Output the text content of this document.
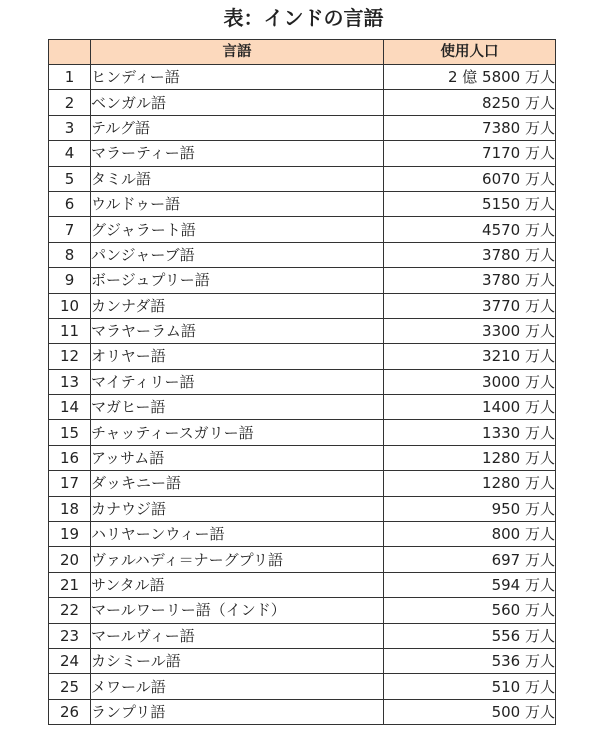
表：インドの言語
	言語	使用人口
1	ヒンディー語	2 億 5800 万人
2	ベンガル語	8250 万人
3	テルグ語	7380 万人
4	マラーティー語	7170 万人
5	タミル語	6070 万人
6	ウルドゥー語	5150 万人
7	グジャラート語	4570 万人
8	パンジャーブ語	3780 万人
9	ボージュプリー語	3780 万人
10	カンナダ語	3770 万人
11	マラヤーラム語	3300 万人
12	オリヤー語	3210 万人
13	マイティリー語	3000 万人
14	マガヒー語	1400 万人
15	チャッティースガリー語	1330 万人
16	アッサム語	1280 万人
17	ダッキニー語	1280 万人
18	カナウジ語	950 万人
19	ハリヤーンウィー語	800 万人
20	ヴァルハディ＝ナーグプリ語	697 万人
21	サンタル語	594 万人
22	マールワーリー語（インド）	560 万人
23	マールヴィー語	556 万人
24	カシミール語	536 万人
25	メワール語	510 万人
26	ランプリ語	500 万人
